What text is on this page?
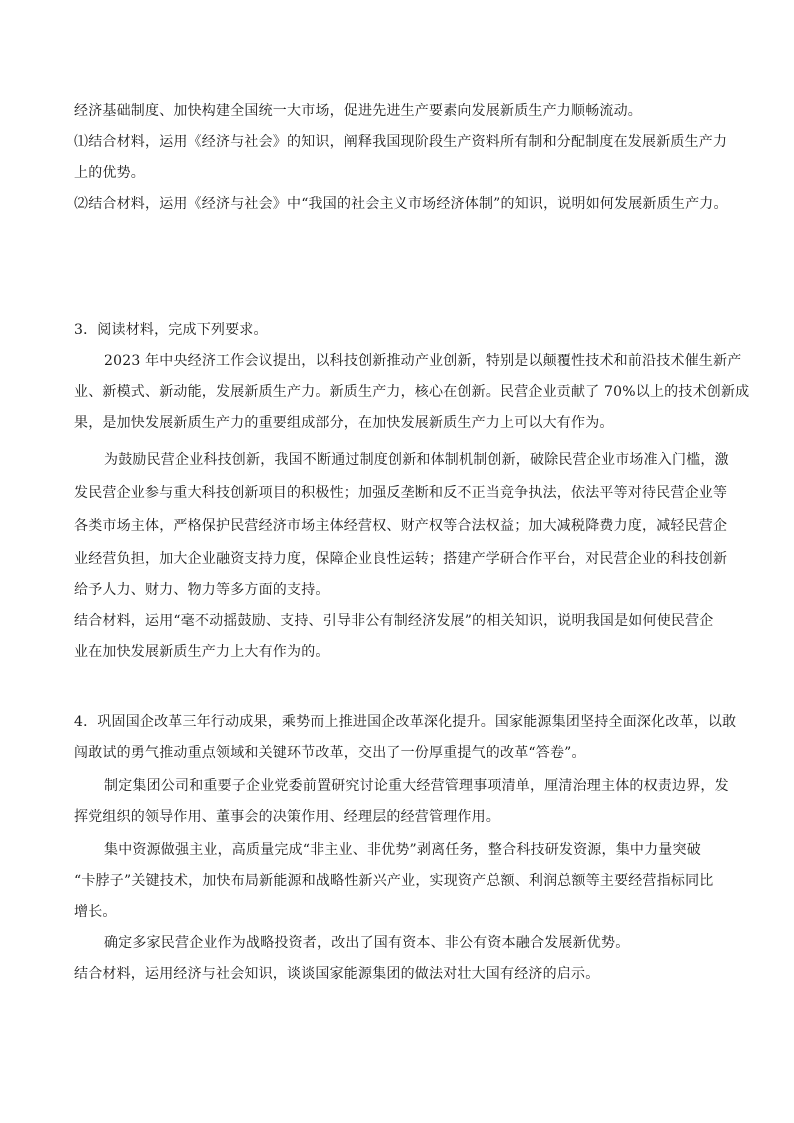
经济基础制度、加快构建全国统一大市场，促进先进生产要素向发展新质生产力顺畅流动。
⑴结合材料，运用《经济与社会》的知识，阐释我国现阶段生产资料所有制和分配制度在发展新质生产力
上的优势。
⑵结合材料，运用《经济与社会》中“我国的社会主义市场经济体制”的知识，说明如何发展新质生产力。
3．阅读材料，完成下列要求。
2023 年中央经济工作会议提出，以科技创新推动产业创新，特别是以颠覆性技术和前沿技术催生新产
业、新模式、新动能，发展新质生产力。新质生产力，核心在创新。民营企业贡献了 70%以上的技术创新成
果，是加快发展新质生产力的重要组成部分，在加快发展新质生产力上可以大有作为。
为鼓励民营企业科技创新，我国不断通过制度创新和体制机制创新，破除民营企业市场准入门槛，激
发民营企业参与重大科技创新项目的积极性；加强反垄断和反不正当竞争执法，依法平等对待民营企业等
各类市场主体，严格保护民营经济市场主体经营权、财产权等合法权益；加大减税降费力度，减轻民营企
业经营负担，加大企业融资支持力度，保障企业良性运转；搭建产学研合作平台，对民营企业的科技创新
给予人力、财力、物力等多方面的支持。
结合材料，运用“毫不动摇鼓励、支持、引导非公有制经济发展”的相关知识，说明我国是如何使民营企
业在加快发展新质生产力上大有作为的。
4．巩固国企改革三年行动成果，乘势而上推进国企改革深化提升。国家能源集团坚持全面深化改革，以敢
闯敢试的勇气推动重点领域和关键环节改革，交出了一份厚重提气的改革“答卷”。
制定集团公司和重要子企业党委前置研究讨论重大经营管理事项清单，厘清治理主体的权责边界，发
挥党组织的领导作用、董事会的决策作用、经理层的经营管理作用。
集中资源做强主业，高质量完成“非主业、非优势”剥离任务，整合科技研发资源，集中力量突破
“卡脖子”关键技术，加快布局新能源和战略性新兴产业，实现资产总额、利润总额等主要经营指标同比
增长。
确定多家民营企业作为战略投资者，改出了国有资本、非公有资本融合发展新优势。
结合材料，运用经济与社会知识，谈谈国家能源集团的做法对壮大国有经济的启示。
